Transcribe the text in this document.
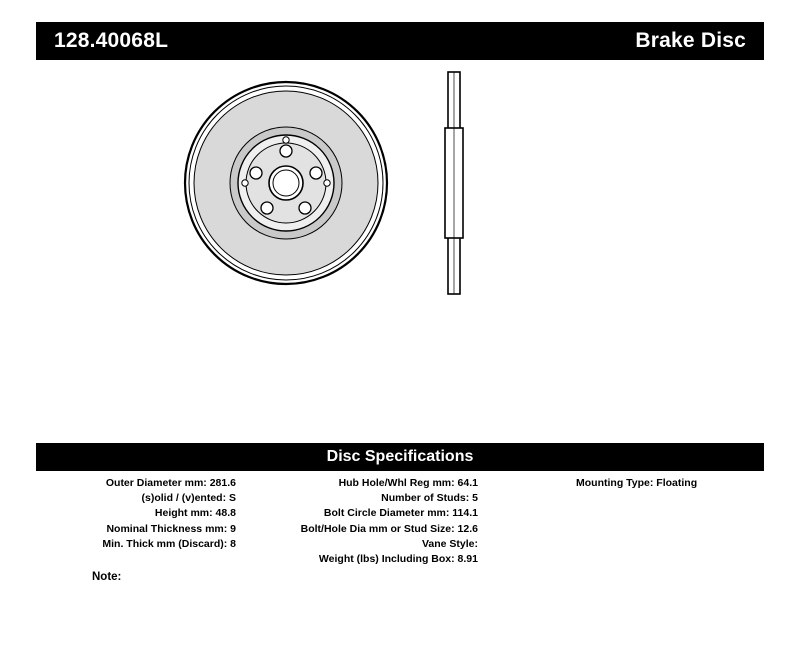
128.40068L	Brake Disc
Disc Specifications
Outer Diameter mm: 281.6
(s)olid / (v)ented: S
Height mm: 48.8
Nominal Thickness mm: 9
Min. Thick mm (Discard): 8
Hub Hole/Whl Reg mm: 64.1
Number of Studs: 5
Bolt Circle Diameter mm: 114.1
Bolt/Hole Dia mm or Stud Size: 12.6
Vane Style:
Weight (lbs) Including Box: 8.91
Mounting Type: Floating
Note:
